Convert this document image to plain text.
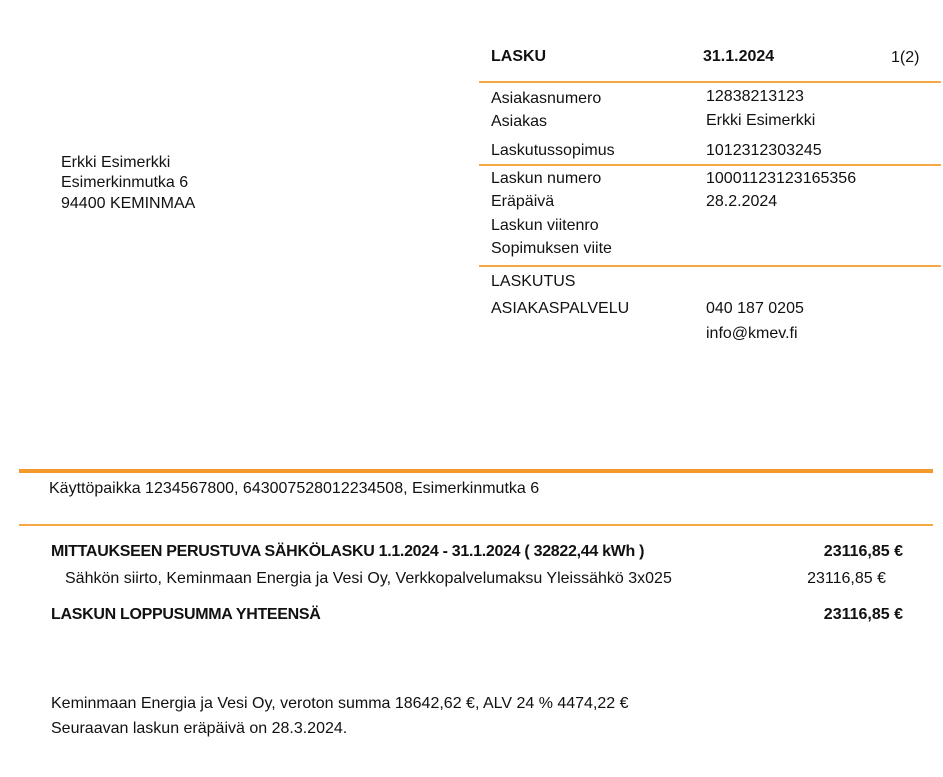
LASKU	31.1.2024	1(2)
Erkki Esimerkki
Esimerkinmutka 6
94400 KEMINMAA
Asiakasnumero	12838213123
Asiakas	Erkki Esimerkki
Laskutussopimus	1012312303245
Laskun numero	10001123123165356
Eräpäivä	28.2.2024
Laskun viitenro
Sopimuksen viite
LASKUTUS
ASIAKASPALVELU	040 187 0205
info@kmev.fi
Käyttöpaikka 1234567800, 643007528012234508, Esimerkinmutka 6
MITTAUKSEEN PERUSTUVA SÄHKÖLASKU 1.1.2024 - 31.1.2024 ( 32822,44 kWh )	23116,85 €
Sähkön siirto, Keminmaan Energia ja Vesi Oy, Verkkopalvelumaksu Yleissähkö 3x025	23116,85 €
LASKUN LOPPUSUMMA YHTEENSÄ	23116,85 €
Keminmaan Energia ja Vesi Oy, veroton summa 18642,62 €, ALV 24 % 4474,22 €
Seuraavan laskun eräpäivä on 28.3.2024.
